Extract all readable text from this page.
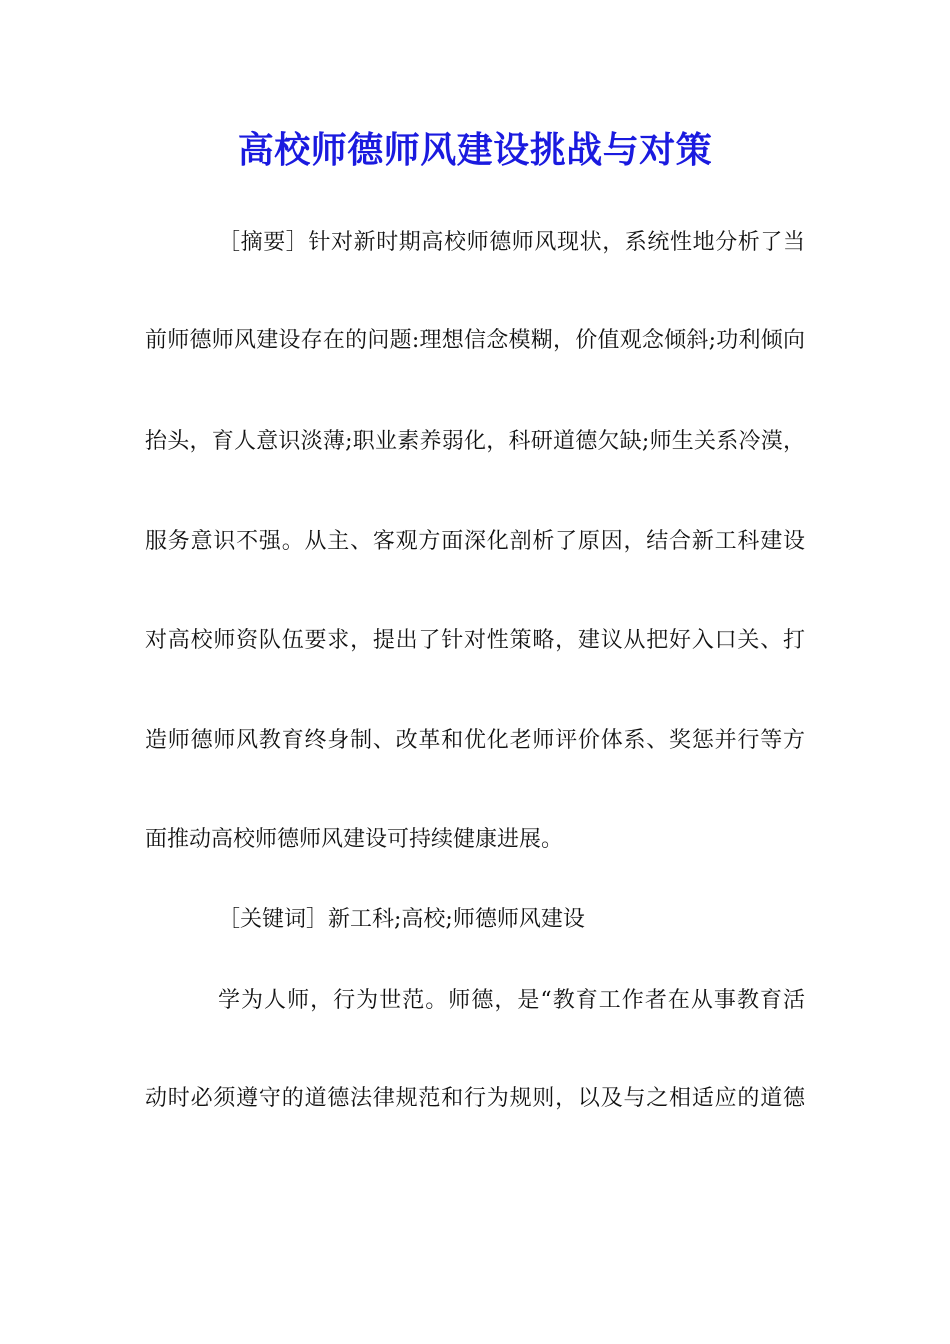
高校师德师风建设挑战与对策

［摘要］针对新时期高校师德师风现状，系统性地分析了当

前师德师风建设存在的问题:理想信念模糊，价值观念倾斜;功利倾向

抬头，育人意识淡薄;职业素养弱化，科研道德欠缺;师生关系冷漠，

服务意识不强。从主、客观方面深化剖析了原因，结合新工科建设

对高校师资队伍要求，提出了针对性策略，建议从把好入口关、打

造师德师风教育终身制、改革和优化老师评价体系、奖惩并行等方

面推动高校师德师风建设可持续健康进展。

［关键词］新工科;高校;师德师风建设

学为人师，行为世范。师德，是“教育工作者在从事教育活

动时必须遵守的道德法律规范和行为规则，以及与之相适应的道德
